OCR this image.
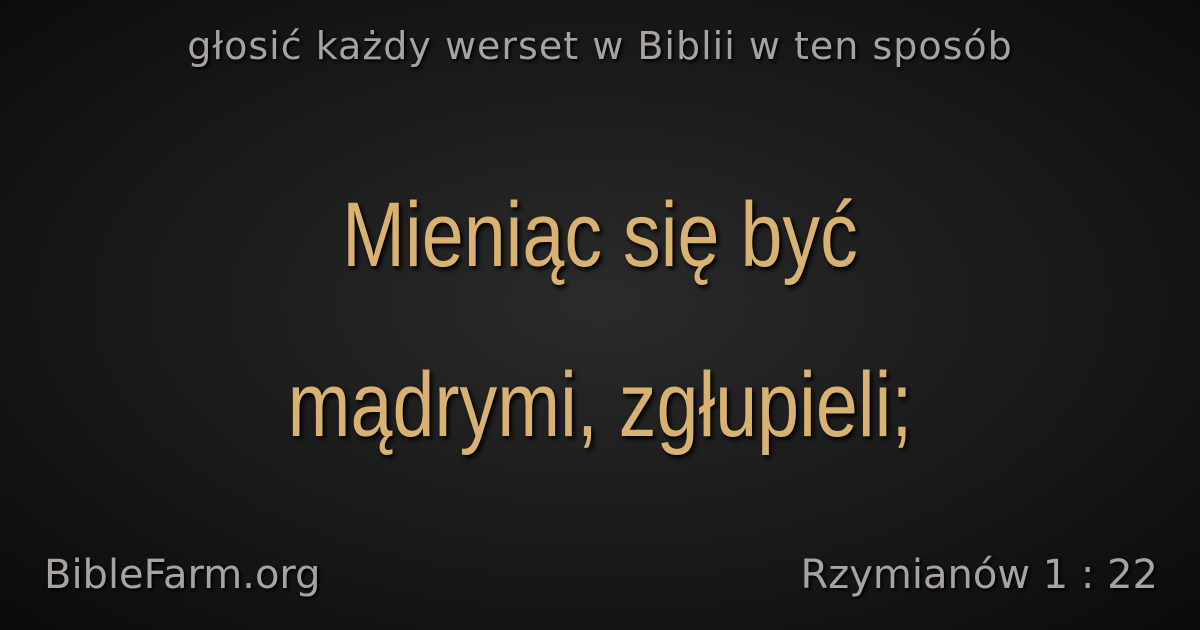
głosić każdy werset w Biblii w ten sposób
Mieniąc się być
mądrymi, zgłupieli;
BibleFarm.org	Rzymianów 1 : 22
